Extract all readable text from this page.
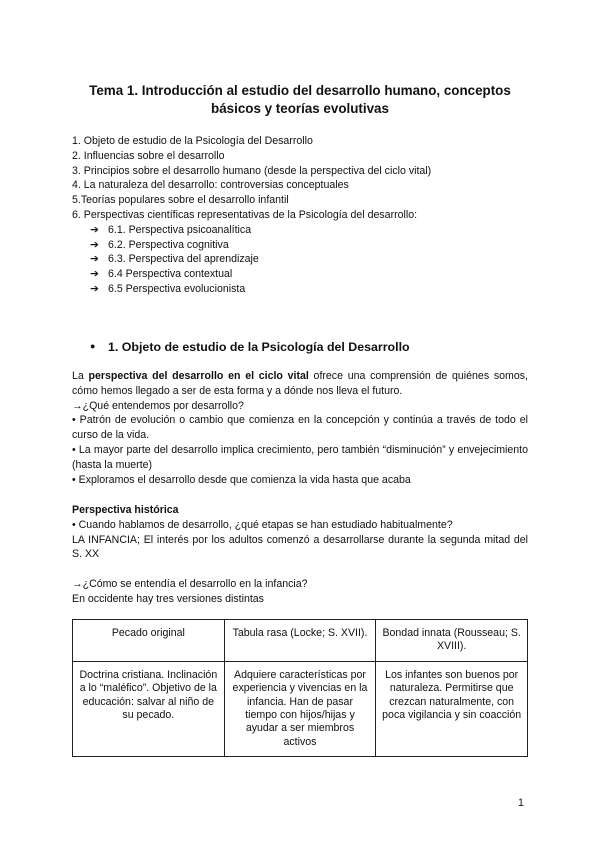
Tema 1. Introducción al estudio del desarrollo humano, conceptos básicos y teorías evolutivas
1. Objeto de estudio de la Psicología del Desarrollo
2. Influencias sobre el desarrollo
3. Principios sobre el desarrollo humano (desde la perspectiva del ciclo vital)
4. La naturaleza del desarrollo: controversias conceptuales
5.Teorías populares sobre el desarrollo infantil
6. Perspectivas científicas representativas de la Psicología del desarrollo:
➔ 6.1. Perspectiva psicoanalítica
➔ 6.2. Perspectiva cognitiva
➔ 6.3. Perspectiva del aprendizaje
➔ 6.4 Perspectiva contextual
➔ 6.5 Perspectiva evolucionista
● 1. Objeto de estudio de la Psicología del Desarrollo
La perspectiva del desarrollo en el ciclo vital ofrece una comprensión de quiénes somos, cómo hemos llegado a ser de esta forma y a dónde nos lleva el futuro.
→¿Qué entendemos por desarrollo?
• Patrón de evolución o cambio que comienza en la concepción y continúa a través de todo el curso de la vida.
• La mayor parte del desarrollo implica crecimiento, pero también “disminución” y envejecimiento (hasta la muerte)
• Exploramos el desarrollo desde que comienza la vida hasta que acaba
Perspectiva histórica
• Cuando hablamos de desarrollo, ¿qué etapas se han estudiado habitualmente?
LA INFANCIA; El interés por los adultos comenzó a desarrollarse durante la segunda mitad del S. XX
→¿Cómo se entendía el desarrollo en la infancia?
En occidente hay tres versiones distintas
Pecado original	Tabula rasa (Locke; S. XVII).	Bondad innata (Rousseau; S. XVIII).
Doctrina cristiana. Inclinación a lo “maléfico”. Objetivo de la educación: salvar al niño de su pecado.	Adquiere características por experiencia y vivencias en la infancia. Han de pasar tiempo con hijos/hijas y ayudar a ser miembros activos	Los infantes son buenos por naturaleza. Permitirse que crezcan naturalmente, con poca vigilancia y sin coacción
1
